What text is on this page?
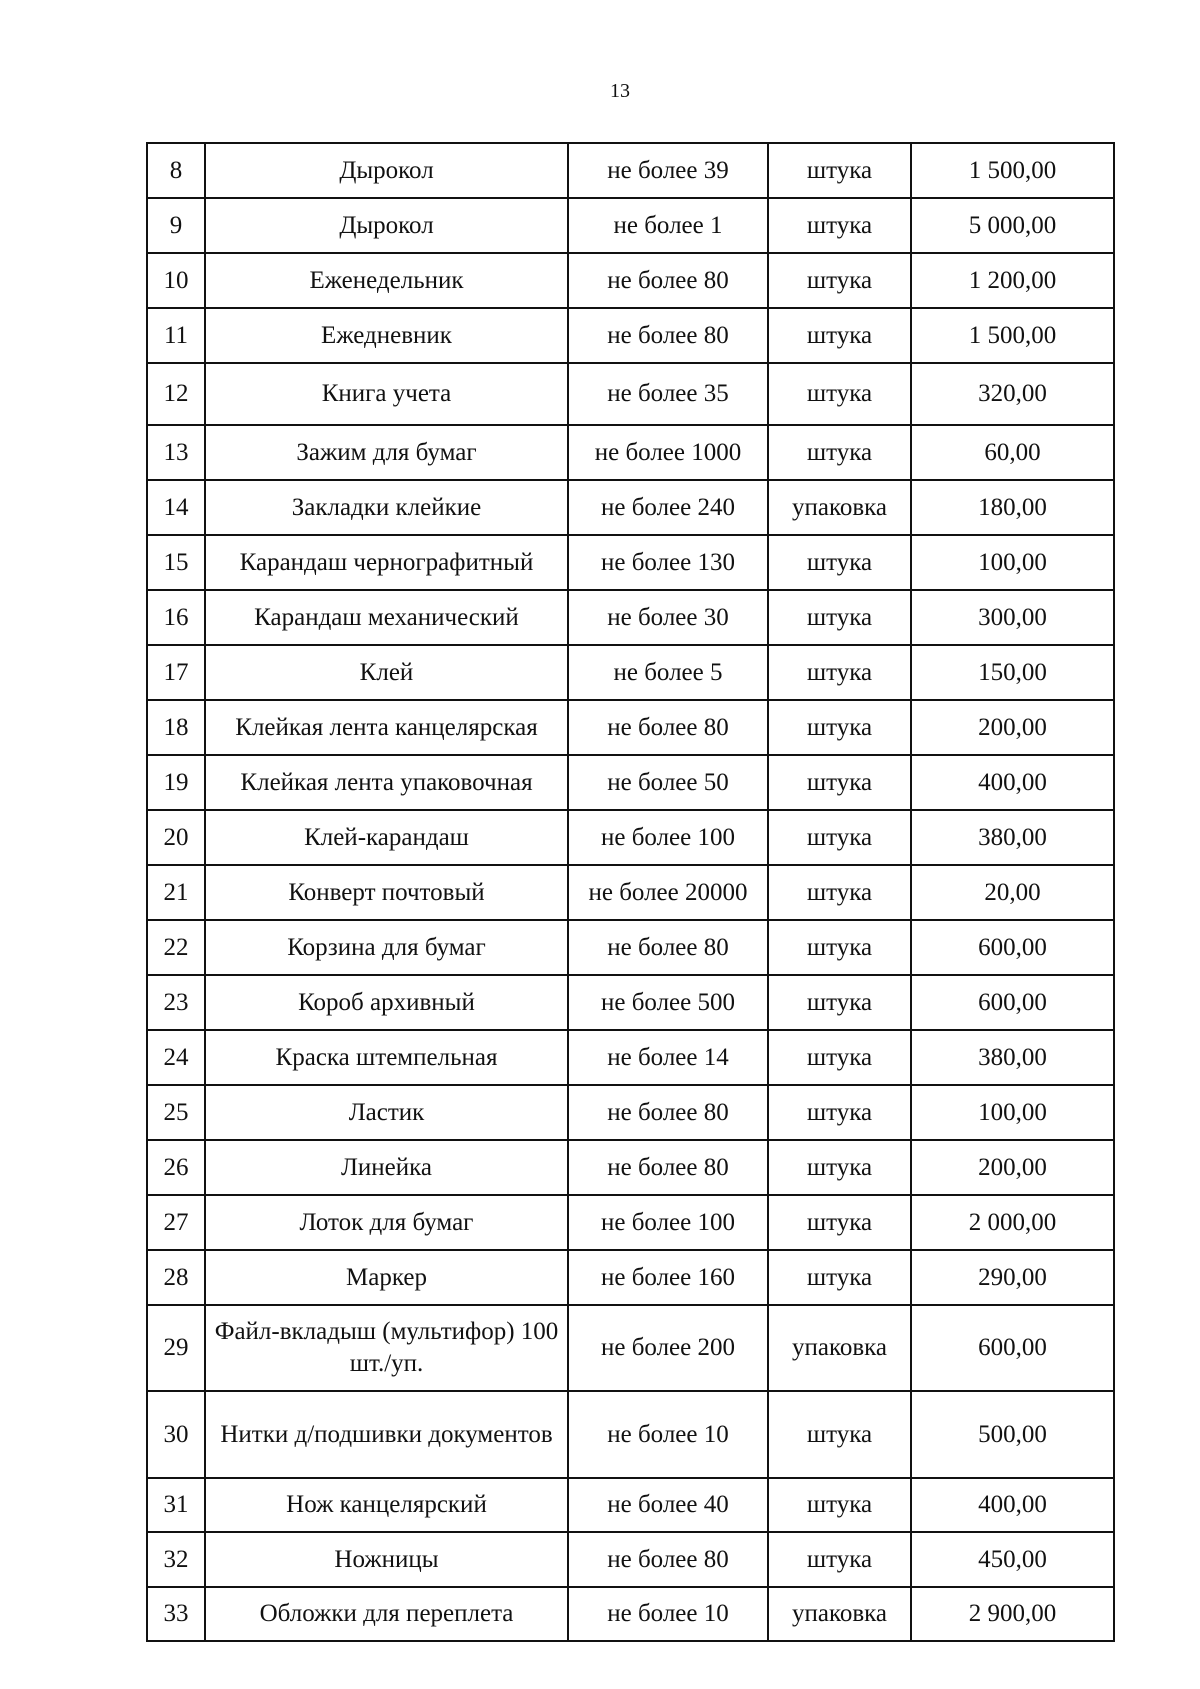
13
8	Дырокол	не более 39	штука	1 500,00
9	Дырокол	не более 1	штука	5 000,00
10	Еженедельник	не более 80	штука	1 200,00
11	Ежедневник	не более 80	штука	1 500,00
12	Книга учета	не более 35	штука	320,00
13	Зажим для бумаг	не более 1000	штука	60,00
14	Закладки клейкие	не более 240	упаковка	180,00
15	Карандаш чернографитный	не более 130	штука	100,00
16	Карандаш механический	не более 30	штука	300,00
17	Клей	не более 5	штука	150,00
18	Клейкая лента канцелярская	не более 80	штука	200,00
19	Клейкая лента упаковочная	не более 50	штука	400,00
20	Клей-карандаш	не более 100	штука	380,00
21	Конверт почтовый	не более 20000	штука	20,00
22	Корзина для бумаг	не более 80	штука	600,00
23	Короб архивный	не более 500	штука	600,00
24	Краска штемпельная	не более 14	штука	380,00
25	Ластик	не более 80	штука	100,00
26	Линейка	не более 80	штука	200,00
27	Лоток для бумаг	не более 100	штука	2 000,00
28	Маркер	не более 160	штука	290,00
29	Файл-вкладыш (мультифор) 100 шт./уп.	не более 200	упаковка	600,00
30	Нитки д/подшивки документов	не более 10	штука	500,00
31	Нож канцелярский	не более 40	штука	400,00
32	Ножницы	не более 80	штука	450,00
33	Обложки для переплета	не более 10	упаковка	2 900,00
